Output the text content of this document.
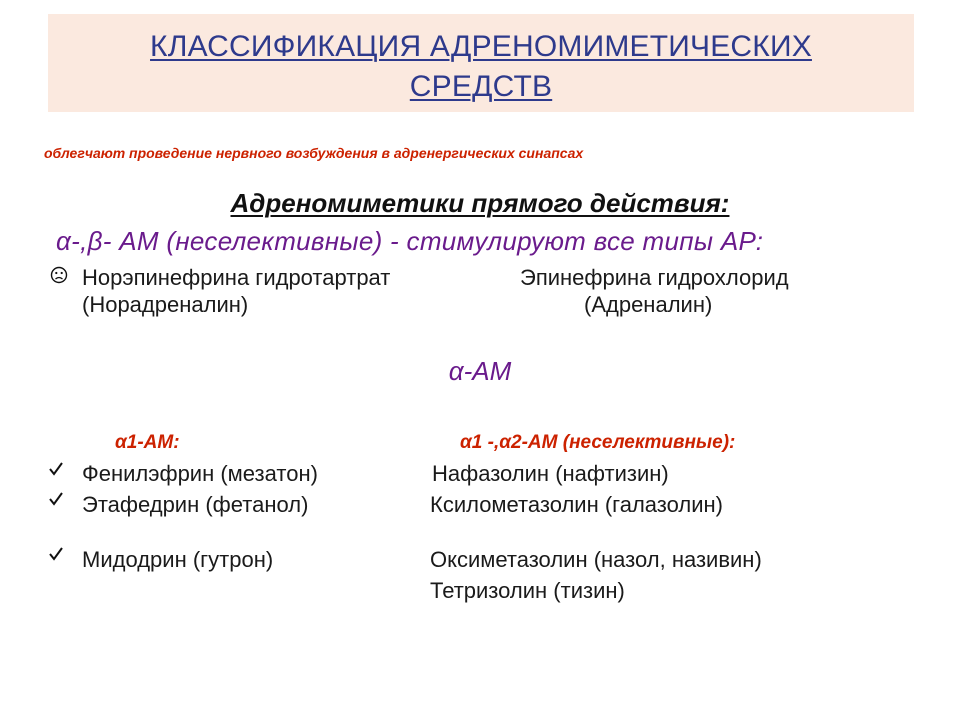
КЛАССИФИКАЦИЯ АДРЕНОМИМЕТИЧЕСКИХ
СРЕДСТВ
облегчают проведение нервного возбуждения в адренергических синапсах
Адреномиметики прямого действия:
α-,β- АМ (неселективные) - стимулируют все типы АР:
Норэпинефрина гидротартрат
(Норадреналин)
Эпинефрина гидрохлорид
(Адреналин)
α-АМ
α1-АМ:	α1 -,α2-АМ (неселективные):
Фенилэфрин (мезатон)
Этафедрин (фетанол)
Мидодрин (гутрон)
Нафазолин (нафтизин)
Ксилометазолин (галазолин)
Оксиметазолин (назол, називин)
Тетризолин (тизин)
